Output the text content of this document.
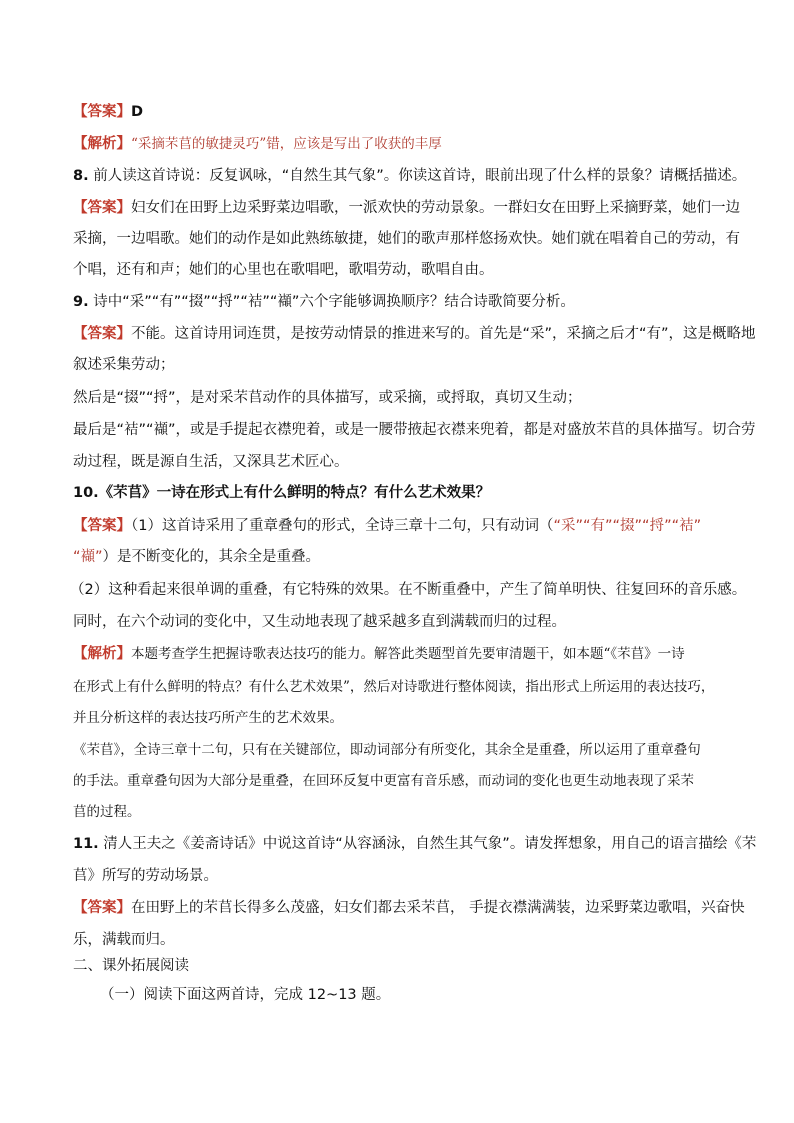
【答案】D
【解析】“采摘芣苢的敏捷灵巧”错，应该是写出了收获的丰厚
8. 前人读这首诗说：反复讽咏，“自然生其气象”。你读这首诗，眼前出现了什么样的景象？请概括描述。
【答案】妇女们在田野上边采野菜边唱歌，一派欢快的劳动景象。一群妇女在田野上采摘野菜，她们一边
采摘，一边唱歌。她们的动作是如此熟练敏捷，她们的歌声那样悠扬欢快。她们就在唱着自己的劳动，有
个唱，还有和声；她们的心里也在歌唱吧，歌唱劳动，歌唱自由。
9. 诗中“采”“有”“掇”“捋”“袺”“襭”六个字能够调换顺序？结合诗歌简要分析。
【答案】不能。这首诗用词连贯，是按劳动情景的推进来写的。首先是“采”，采摘之后才“有”，这是概略地
叙述采集劳动；
然后是“掇”“捋”，是对采芣苢动作的具体描写，或采摘，或捋取，真切又生动；
最后是“袺”“襭”，或是手提起衣襟兜着，或是一腰带掖起衣襟来兜着，都是对盛放芣苢的具体描写。切合劳
动过程，既是源自生活，又深具艺术匠心。
10.《芣苢》一诗在形式上有什么鲜明的特点？有什么艺术效果？
【答案】（1）这首诗采用了重章叠句的形式，全诗三章十二句，只有动词（“采”“有”“掇”“捋”“袺”
“襭”）是不断变化的，其余全是重叠。
（2）这种看起来很单调的重叠，有它特殊的效果。在不断重叠中，产生了简单明快、往复回环的音乐感。
同时，在六个动词的变化中，又生动地表现了越采越多直到满载而归的过程。
【解析】本题考查学生把握诗歌表达技巧的能力。解答此类题型首先要审清题干，如本题“《芣苢》一诗
在形式上有什么鲜明的特点？有什么艺术效果”，然后对诗歌进行整体阅读，指出形式上所运用的表达技巧，
并且分析这样的表达技巧所产生的艺术效果。
《芣苢》，全诗三章十二句，只有在关键部位，即动词部分有所变化，其余全是重叠，所以运用了重章叠句
的手法。重章叠句因为大部分是重叠，在回环反复中更富有音乐感，而动词的变化也更生动地表现了采芣
苢的过程。
11. 清人王夫之《姜斋诗话》中说这首诗“从容涵泳，自然生其气象”。请发挥想象，用自己的语言描绘《芣
苢》所写的劳动场景。
【答案】在田野上的芣苢长得多么茂盛，妇女们都去采芣苢， 手提衣襟满满装，边采野菜边歌唱，兴奋快
乐，满载而归。
二、课外拓展阅读
（一）阅读下面这两首诗，完成 12~13 题。
